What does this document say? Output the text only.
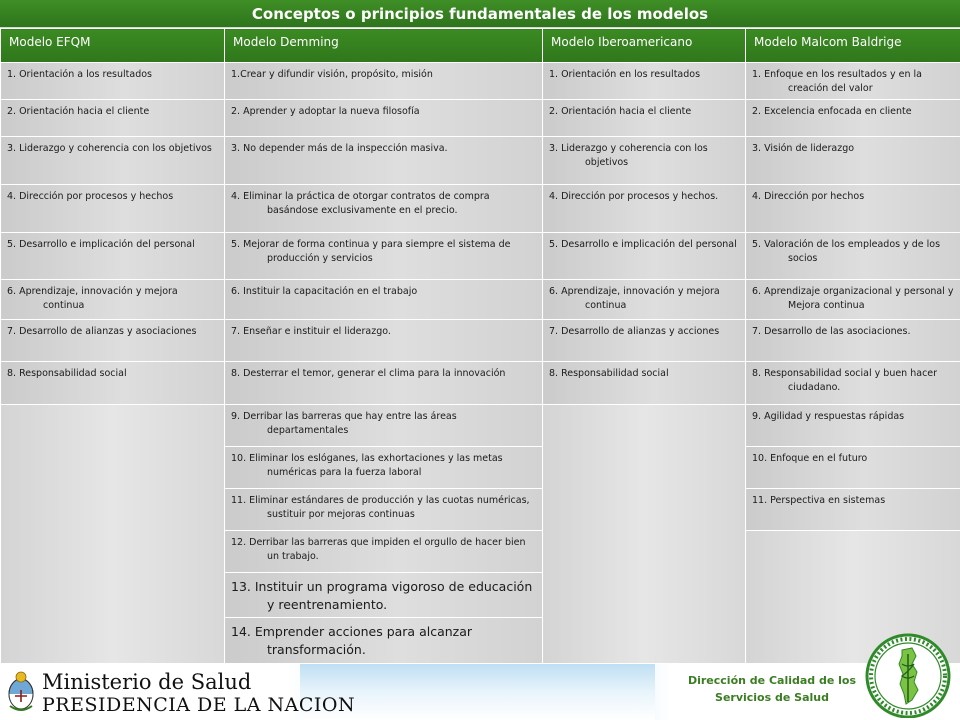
Conceptos o principios fundamentales de los modelos
Modelo EFQM	Modelo Demming	Modelo Iberoamericano	Modelo Malcom Baldrige

1. Orientación a los resultados	1.Crear y difundir visión, propósito, misión	1. Orientación en los resultados	1. Enfoque en los resultados y en la creación del valor

2. Orientación hacia el cliente	2. Aprender y adoptar la nueva filosofía	2. Orientación hacia el cliente	2. Excelencia enfocada en cliente

3. Liderazgo y coherencia con los objetivos	3. No depender más de la inspección masiva.	3. Liderazgo y coherencia con los objetivos	3. Visión de liderazgo

4. Dirección por procesos y hechos	4. Eliminar la práctica de otorgar contratos de compra basándose exclusivamente en el precio.	4. Dirección por procesos y hechos.	4. Dirección por hechos

5. Desarrollo e implicación del personal	5. Mejorar de forma continua y para siempre el sistema de producción y servicios	5. Desarrollo e implicación del personal	5. Valoración de los empleados y de los socios

6. Aprendizaje, innovación y mejora continua	6. Instituir la capacitación en el trabajo	6. Aprendizaje, innovación y mejora continua	6. Aprendizaje organizacional y personal y Mejora continua

7. Desarrollo de alianzas y asociaciones	7. Enseñar e instituir el liderazgo.	7. Desarrollo de alianzas y acciones	7. Desarrollo de las asociaciones.

8. Responsabilidad social	8. Desterrar el temor, generar el clima para la innovación	8. Responsabilidad social	8. Responsabilidad social y buen hacer ciudadano.

	9. Derribar las barreras que hay entre las áreas departamentales		9. Agilidad y respuestas rápidas

	10. Eliminar los eslóganes, las exhortaciones y las metas numéricas para la fuerza laboral		10. Enfoque en el futuro

	11. Eliminar estándares de producción y las cuotas numéricas, sustituir por mejoras continuas		11. Perspectiva en sistemas

	12. Derribar las barreras que impiden el orgullo de hacer bien un trabajo.		

	13. Instituir un programa vigoroso de educación y reentrenamiento.		

	14. Emprender acciones para alcanzar transformación.		
Ministerio de Salud
PRESIDENCIA DE LA NACION
Dirección de Calidad de los
Servicios de Salud
